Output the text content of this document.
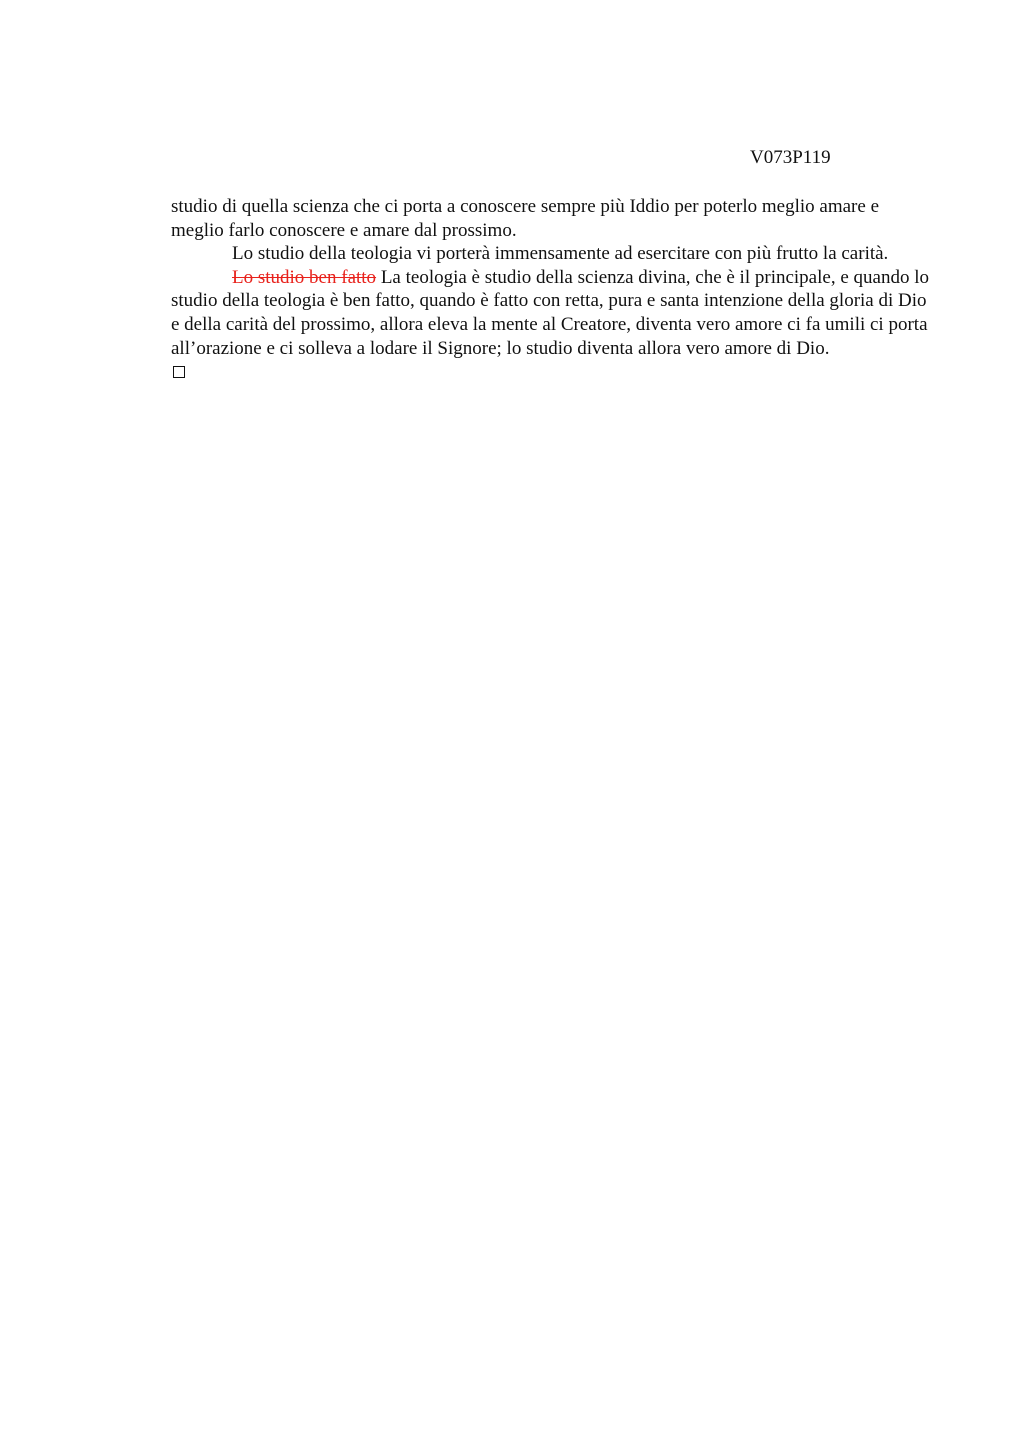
V073P119

studio di quella scienza che ci porta a conoscere sempre più Iddio per poterlo meglio amare e meglio farlo conoscere e amare dal prossimo.

Lo studio della teologia vi porterà immensamente ad esercitare con più frutto la carità.

Lo studio ben fatto La teologia è studio della scienza divina, che è il principale, e quando lo studio della teologia è ben fatto, quando è fatto con retta, pura e santa intenzione della gloria di Dio e della carità del prossimo, allora eleva la mente al Creatore, diventa vero amore ci fa umili ci porta all’orazione e ci solleva a lodare il Signore; lo studio diventa allora vero amore di Dio.
